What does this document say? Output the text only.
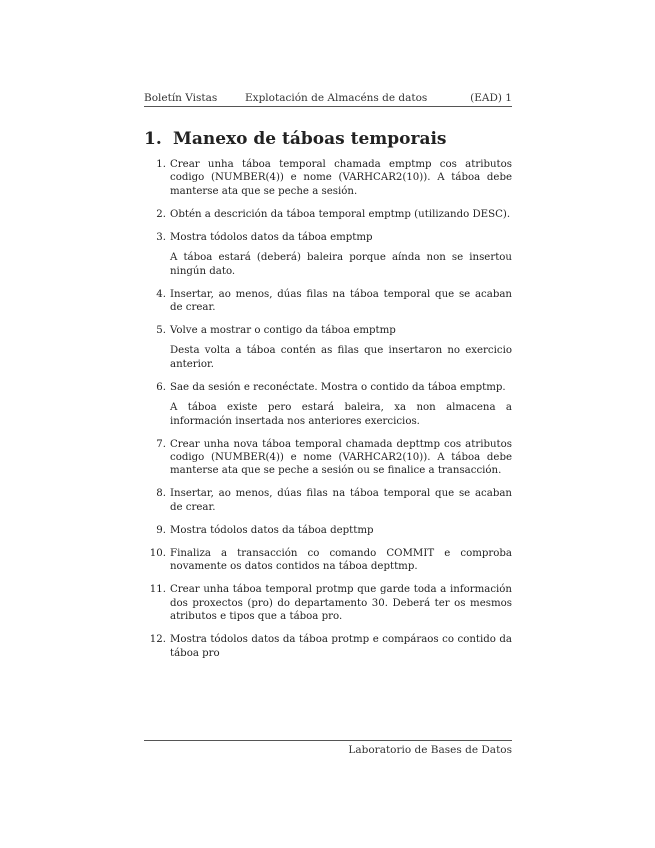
Boletín Vistas	Explotación de Almacéns de datos	(EAD) 1
1. Manexo de táboas temporais
1. Crear unha táboa temporal chamada emptmp cos atributos codigo (NUMBER(4)) e nome (VARHCAR2(10)). A táboa debe manterse ata que se peche a sesión.

2. Obtén a descrición da táboa temporal emptmp (utilizando DESC).

3. Mostra tódolos datos da táboa emptmp

A táboa estará (deberá) baleira porque aínda non se insertou ningún dato.

4. Insertar, ao menos, dúas filas na táboa temporal que se acaban de crear.

5. Volve a mostrar o contigo da táboa emptmp

Desta volta a táboa contén as filas que insertaron no exercicio anterior.

6. Sae da sesión e reconéctate. Mostra o contido da táboa emptmp.

A táboa existe pero estará baleira, xa non almacena a información insertada nos anteriores exercicios.

7. Crear unha nova táboa temporal chamada depttmp cos atributos codigo (NUMBER(4)) e nome (VARHCAR2(10)). A táboa debe manterse ata que se peche a sesión ou se finalice a transacción.

8. Insertar, ao menos, dúas filas na táboa temporal que se acaban de crear.

9. Mostra tódolos datos da táboa depttmp

10. Finaliza a transacción co comando COMMIT e comproba novamente os datos contidos na táboa depttmp.

11. Crear unha táboa temporal protmp que garde toda a información dos proxectos (pro) do departamento 30. Deberá ter os mesmos atributos e tipos que a táboa pro.

12. Mostra tódolos datos da táboa protmp e compáraos co contido da táboa pro

Laboratorio de Bases de Datos
